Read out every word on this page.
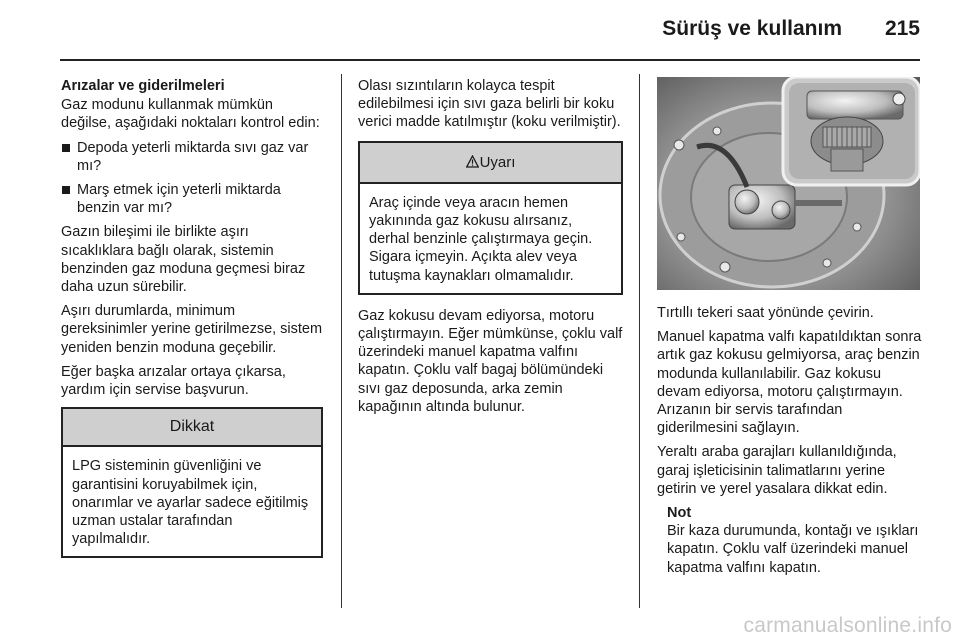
Sürüş ve kullanım 215

Arızalar ve giderilmeleri

Gaz modunu kullanmak mümkün değilse, aşağıdaki noktaları kontrol edin:

Depoda yeterli miktarda sıvı gaz var mı?
Marş etmek için yeterli miktarda benzin var mı?

Gazın bileşimi ile birlikte aşırı sıcaklıklara bağlı olarak, sistemin benzinden gaz moduna geçmesi biraz daha uzun sürebilir.

Aşırı durumlarda, minimum gereksinimler yerine getirilmezse, sistem yeniden benzin moduna geçebilir.

Eğer başka arızalar ortaya çıkarsa, yardım için servise başvurun.

Dikkat
LPG sisteminin güvenliğini ve garantisini koruyabilmek için, onarımlar ve ayarlar sadece eğitilmiş uzman ustalar tarafından yapılmalıdır.

Olası sızıntıların kolayca tespit edilebilmesi için sıvı gaza belirli bir koku verici madde katılmıştır (koku verilmiştir).

Uyarı
Araç içinde veya aracın hemen yakınında gaz kokusu alırsanız, derhal benzinle çalıştırmaya geçin. Sigara içmeyin. Açıkta alev veya tutuşma kaynakları olmamalıdır.

Gaz kokusu devam ediyorsa, motoru çalıştırmayın. Eğer mümkünse, çoklu valf üzerindeki manuel kapatma valfını kapatın. Çoklu valf bagaj bölümündeki sıvı gaz deposunda, arka zemin kapağının altında bulunur.

Tırtıllı tekeri saat yönünde çevirin.

Manuel kapatma valfı kapatıldıktan sonra artık gaz kokusu gelmiyorsa, araç benzin modunda kullanılabilir. Gaz kokusu devam ediyorsa, motoru çalıştırmayın. Arızanın bir servis tarafından giderilmesini sağlayın.

Yeraltı araba garajları kullanıldığında, garaj işleticisinin talimatlarını yerine getirin ve yerel yasalara dikkat edin.

Not
Bir kaza durumunda, kontağı ve ışıkları kapatın. Çoklu valf üzerindeki manuel kapatma valfını kapatın.
carmanualsonline.info
